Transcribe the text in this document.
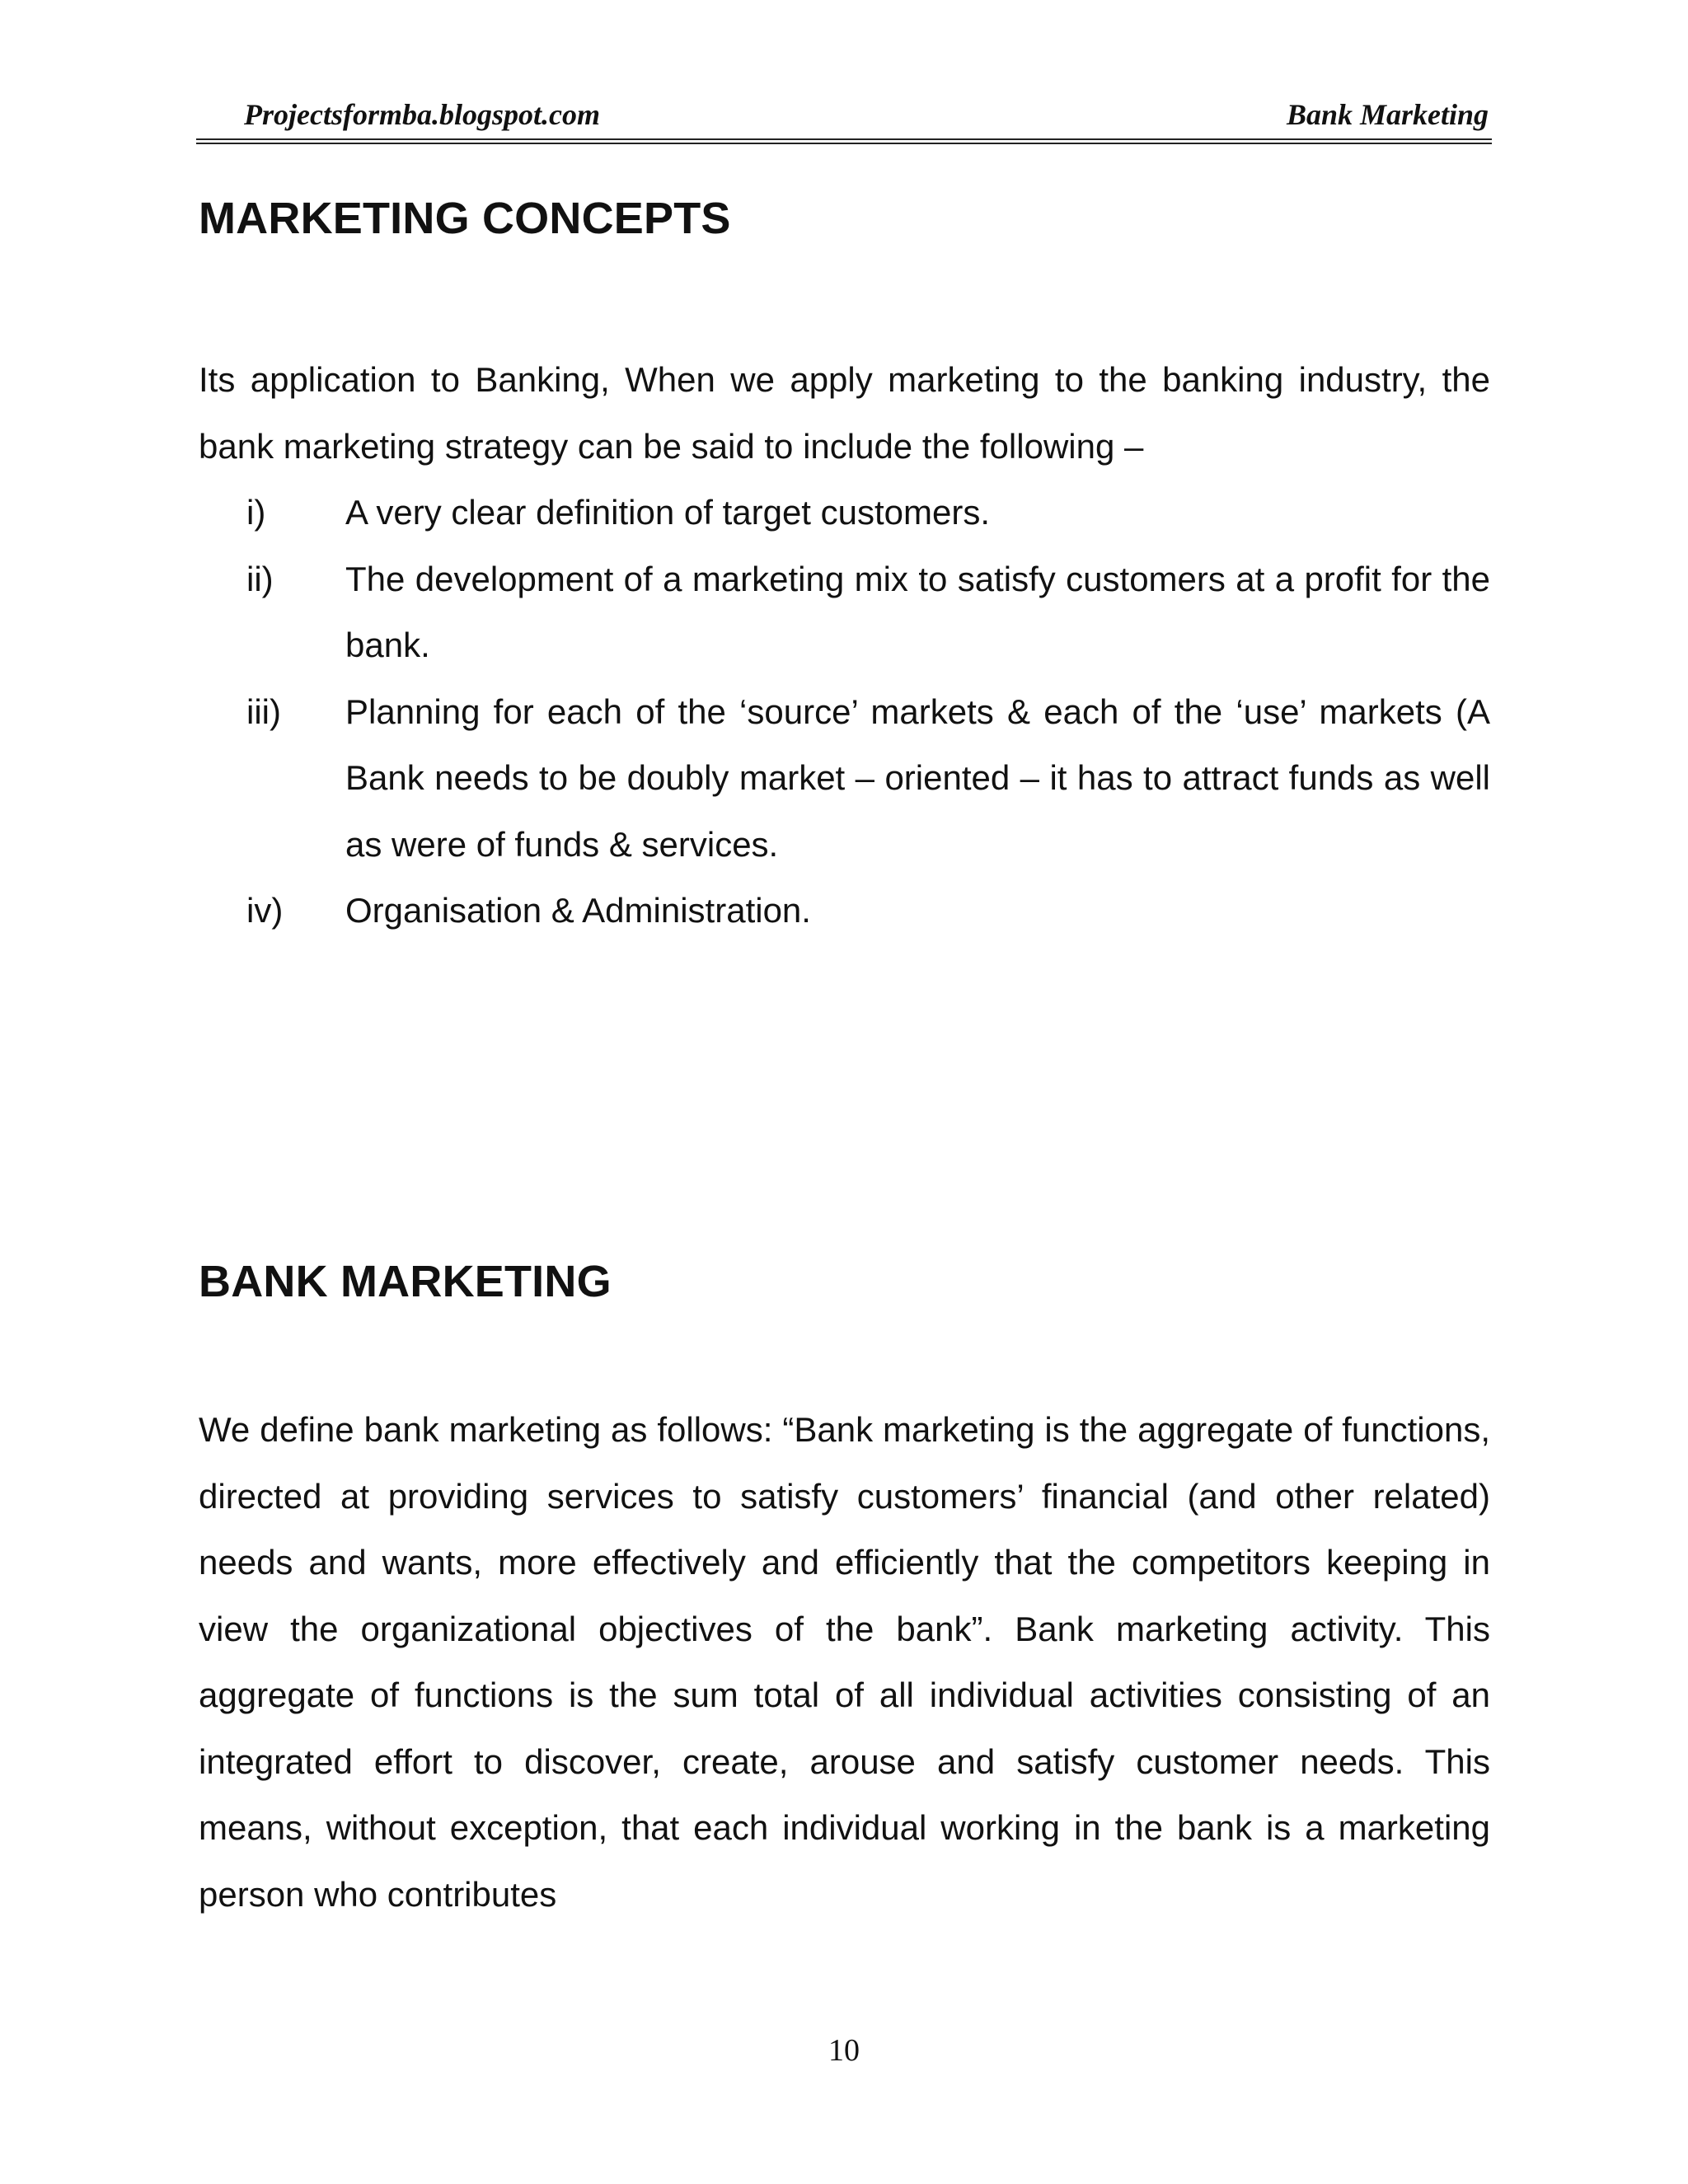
Projectsformba.blogspot.com	Bank Marketing
MARKETING CONCEPTS

Its application to Banking, When we apply marketing to the banking industry, the bank marketing strategy can be said to include the following –

i) A very clear definition of target customers.
ii) The development of a marketing mix to satisfy customers at a profit for the bank.
iii) Planning for each of the ‘source’ markets & each of the ‘use’ markets (A Bank needs to be doubly market – oriented – it has to attract funds as well as were of funds & services.
iv) Organisation & Administration.
BANK MARKETING

We define bank marketing as follows: “Bank marketing is the aggregate of functions, directed at providing services to satisfy customers’ financial (and other related) needs and wants, more effectively and efficiently that the competitors keeping in view the organizational objectives of the bank”. Bank marketing activity. This aggregate of functions is the sum total of all individual activities consisting of an integrated effort to discover, create, arouse and satisfy customer needs. This means, without exception, that each individual working in the bank is a marketing person who contributes

10
